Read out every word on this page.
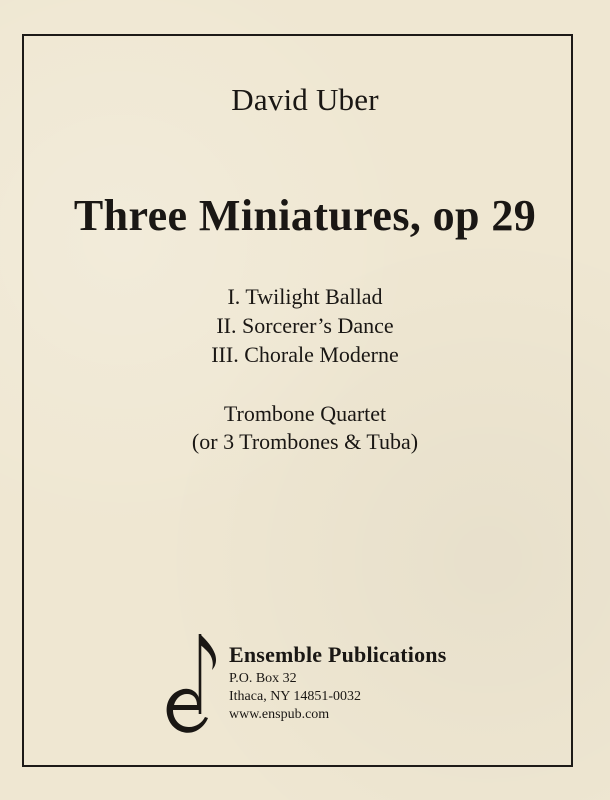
David Uber
Three Miniatures, op 29
I. Twilight Ballad
II. Sorcerer’s Dance
III. Chorale Moderne
Trombone Quartet
(or 3 Trombones & Tuba)
Ensemble Publications
P.O. Box 32
Ithaca, NY 14851-0032
www.enspub.com
